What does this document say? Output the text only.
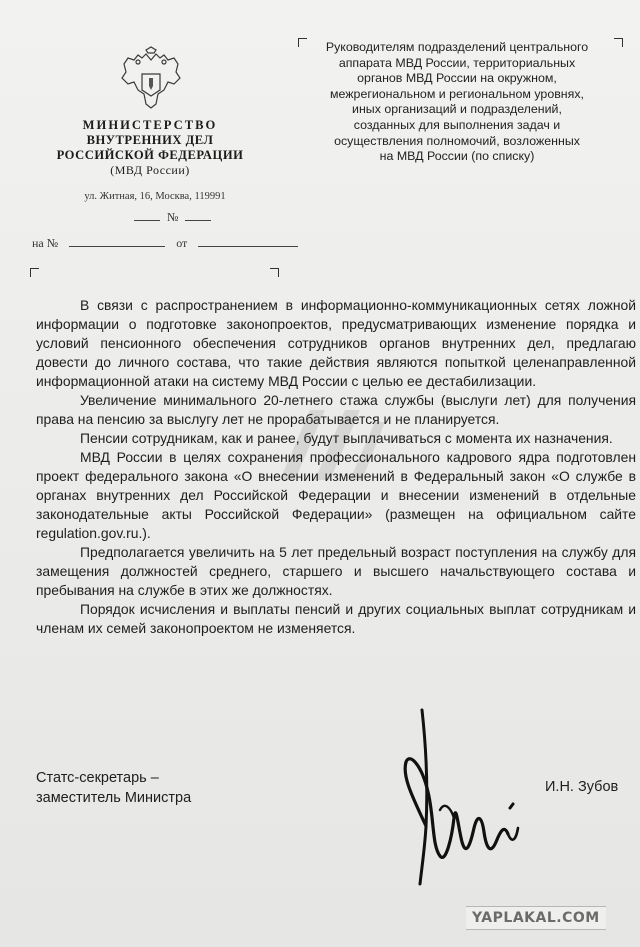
МИНИСТЕРСТВО
ВНУТРЕННИХ ДЕЛ
РОССИЙСКОЙ ФЕДЕРАЦИИ
(МВД России)
ул. Житная, 16, Москва, 119991
№
на №	от
Руководителям подразделений центрального
аппарата МВД России, территориальных
органов МВД России на окружном,
межрегиональном и региональном уровнях,
иных организаций и подразделений,
созданных для выполнения задач и
осуществления полномочий, возложенных
на МВД России (по списку)

В связи с распространением в информационно-коммуникационных сетях ложной информации о подготовке законопроектов, предусматривающих изменение порядка и условий пенсионного обеспечения сотрудников органов внутренних дел, предлагаю довести до личного состава, что такие действия являются попыткой целенаправленной информационной атаки на систему МВД России с целью ее дестабилизации.

Увеличение минимального 20-летнего стажа службы (выслуги лет) для получения права на пенсию за выслугу лет не прорабатывается и не планируется.

Пенсии сотрудникам, как и ранее, будут выплачиваться с момента их назначения.

МВД России в целях сохранения профессионального кадрового ядра подготовлен проект федерального закона «О внесении изменений в Федеральный закон «О службе в органах внутренних дел Российской Федерации и внесении изменений в отдельные законодательные акты Российской Федерации» (размещен на официальном сайте regulation.gov.ru.).

Предполагается увеличить на 5 лет предельный возраст поступления на службу для замещения должностей среднего, старшего и высшего начальствующего состава и пребывания на службе в этих же должностях.

Порядок исчисления и выплаты пенсий и других социальных выплат сотрудникам и членам их семей законопроектом не изменяется.

Статс-секретарь –
заместитель Министра
И.Н. Зубов
YAPLAKAL.COM
